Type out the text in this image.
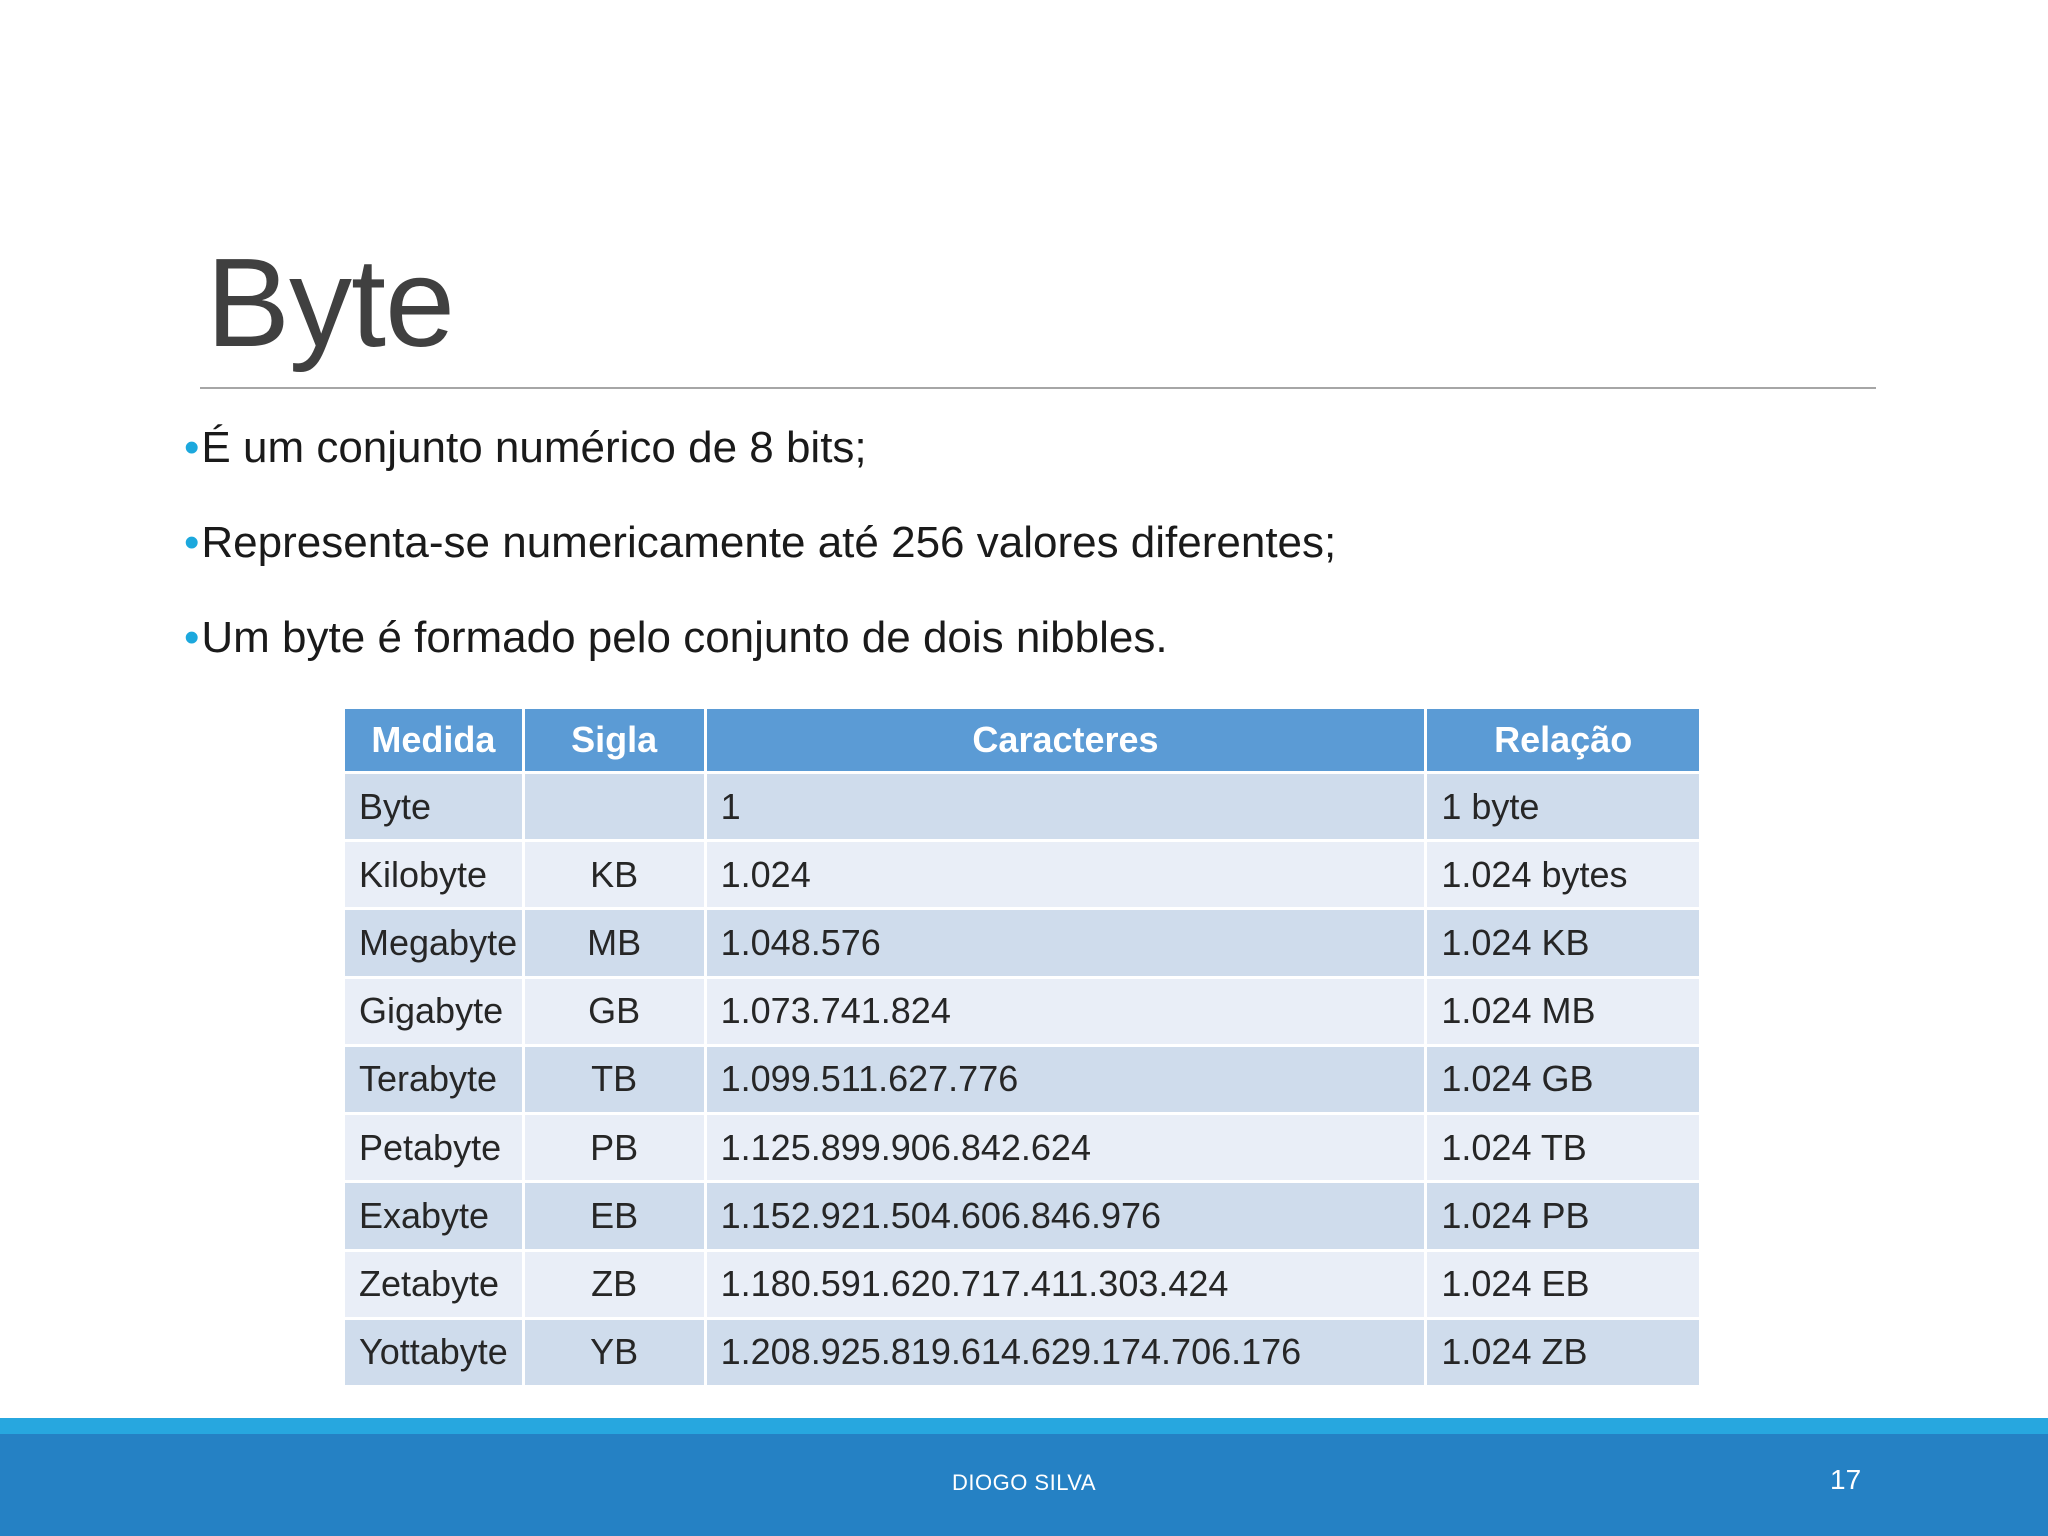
Byte
•É um conjunto numérico de 8 bits;
•Representa-se numericamente até 256 valores diferentes;
•Um byte é formado pelo conjunto de dois nibbles.
Medida	Sigla	Caracteres	Relação
Byte		1	1 byte
Kilobyte	KB	1.024	1.024 bytes
Megabyte	MB	1.048.576	1.024 KB
Gigabyte	GB	1.073.741.824	1.024 MB
Terabyte	TB	1.099.511.627.776	1.024 GB
Petabyte	PB	1.125.899.906.842.624	1.024 TB
Exabyte	EB	1.152.921.504.606.846.976	1.024 PB
Zetabyte	ZB	1.180.591.620.717.411.303.424	1.024 EB
Yottabyte	YB	1.208.925.819.614.629.174.706.176	1.024 ZB
DIOGO SILVA	17
